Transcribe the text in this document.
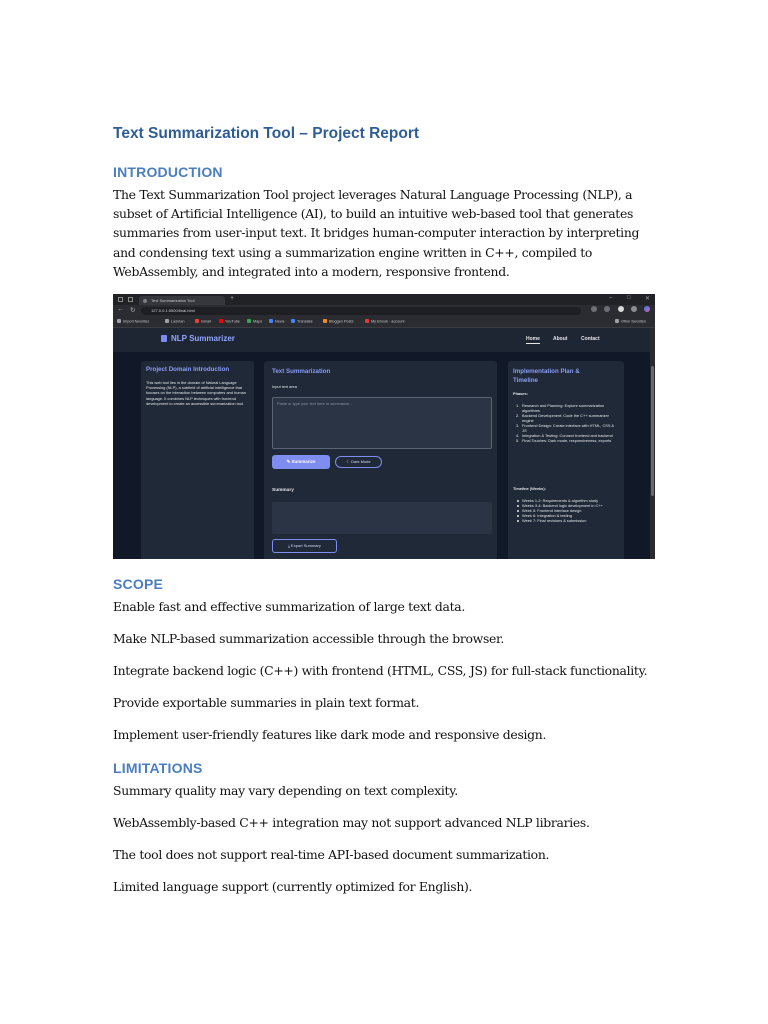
Text Summarization Tool – Project Report
INTRODUCTION
The Text Summarization Tool project leverages Natural Language Processing (NLP), a subset of Artificial Intelligence (AI), to build an intuitive web-based tool that generates summaries from user-input text. It bridges human-computer interaction by interpreting and condensing text using a summarization engine written in C++, compiled to WebAssembly, and integrated into a modern, responsive frontend.
Text Summarization Tool	+	– □ ✕
← ↻	127.0.0.1:5500/final.html
Import favorites	Lasman	Gmail	YouTube	Maps	News	Translate	Bloggen Posts	My Ebook - account	Other favorites
NLP Summarizer	Home	About	Contact
Project Domain Introduction
This web tool lies in the domain of Natural Language Processing (NLP), a subfield of artificial intelligence that focuses on the interaction between computers and human language. It combines NLP techniques with frontend development to create an accessible summarization tool.
Text Summarization
Input text area
Paste or type your text here to summarize...
✎ Summarize	☾ Dark Mode
Summary
⤓ Export Summary
Implementation Plan &
Timeline
Phases:
1. Research and Planning: Explore summarization algorithms
2. Backend Development: Code the C++ summarizer engine
3. Frontend Design: Create interface with HTML, CSS & JS
4. Integration & Testing: Connect frontend and backend
5. Final Touches: Dark mode, responsiveness, exports
Timeline (Weeks):
Weeks 1-2: Requirements & algorithm study
Weeks 3-4: Backend logic development in C++
Week 5: Frontend interface design
Week 6: Integration & testing
Week 7: Final revisions & submission
SCOPE
Enable fast and effective summarization of large text data.
Make NLP-based summarization accessible through the browser.
Integrate backend logic (C++) with frontend (HTML, CSS, JS) for full-stack functionality.
Provide exportable summaries in plain text format.
Implement user-friendly features like dark mode and responsive design.
LIMITATIONS
Summary quality may vary depending on text complexity.
WebAssembly-based C++ integration may not support advanced NLP libraries.
The tool does not support real-time API-based document summarization.
Limited language support (currently optimized for English).
